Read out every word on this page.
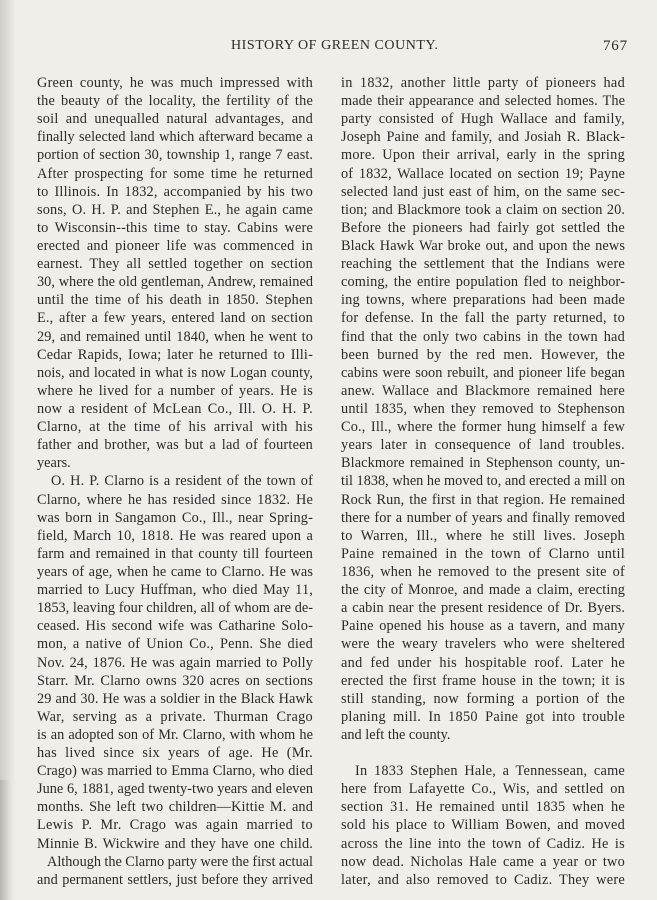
HISTORY OF GREEN COUNTY.	767
Green county, he was much impressed with
the beauty of the locality, the fertility of the
soil and unequalled natural advantages, and
finally selected land which afterward became a
portion of section 30, township 1, range 7 east.
After prospecting for some time he returned
to Illinois. In 1832, accompanied by his two
sons, O. H. P. and Stephen E., he again came
to Wisconsin--this time to stay. Cabins were
erected and pioneer life was commenced in
earnest. They all settled together on section
30, where the old gentleman, Andrew, remained
until the time of his death in 1850. Stephen
E., after a few years, entered land on section
29, and remained until 1840, when he went to
Cedar Rapids, Iowa; later he returned to Illi-
nois, and located in what is now Logan county,
where he lived for a number of years. He is
now a resident of McLean Co., Ill. O. H. P.
Clarno, at the time of his arrival with his
father and brother, was but a lad of fourteen
years.
O. H. P. Clarno is a resident of the town of
Clarno, where he has resided since 1832. He
was born in Sangamon Co., Ill., near Spring-
field, March 10, 1818. He was reared upon a
farm and remained in that county till fourteen
years of age, when he came to Clarno. He was
married to Lucy Huffman, who died May 11,
1853, leaving four children, all of whom are de-
ceased. His second wife was Catharine Solo-
mon, a native of Union Co., Penn. She died
Nov. 24, 1876. He was again married to Polly
Starr. Mr. Clarno owns 320 acres on sections
29 and 30. He was a soldier in the Black Hawk
War, serving as a private. Thurman Crago
is an adopted son of Mr. Clarno, with whom he
has lived since six years of age. He (Mr.
Crago) was married to Emma Clarno, who died
June 6, 1881, aged twenty-two years and eleven
months. She left two children—Kittie M. and
Lewis P. Mr. Crago was again married to
Minnie B. Wickwire and they have one child.
Although the Clarno party were the first actual
and permanent settlers, just before they arrived
in 1832, another little party of pioneers had
made their appearance and selected homes. The
party consisted of Hugh Wallace and family,
Joseph Paine and family, and Josiah R. Black-
more. Upon their arrival, early in the spring
of 1832, Wallace located on section 19; Payne
selected land just east of him, on the same sec-
tion; and Blackmore took a claim on section 20.
Before the pioneers had fairly got settled the
Black Hawk War broke out, and upon the news
reaching the settlement that the Indians were
coming, the entire population fled to neighbor-
ing towns, where preparations had been made
for defense. In the fall the party returned, to
find that the only two cabins in the town had
been burned by the red men. However, the
cabins were soon rebuilt, and pioneer life began
anew. Wallace and Blackmore remained here
until 1835, when they removed to Stephenson
Co., Ill., where the former hung himself a few
years later in consequence of land troubles.
Blackmore remained in Stephenson county, un-
til 1838, when he moved to, and erected a mill on
Rock Run, the first in that region. He remained
there for a number of years and finally removed
to Warren, Ill., where he still lives. Joseph
Paine remained in the town of Clarno until
1836, when he removed to the present site of
the city of Monroe, and made a claim, erecting
a cabin near the present residence of Dr. Byers.
Paine opened his house as a tavern, and many
were the weary travelers who were sheltered
and fed under his hospitable roof. Later he
erected the first frame house in the town; it is
still standing, now forming a portion of the
planing mill. In 1850 Paine got into trouble
and left the county.
In 1833 Stephen Hale, a Tennessean, came
here from Lafayette Co., Wis, and settled on
section 31. He remained until 1835 when he
sold his place to William Bowen, and moved
across the line into the town of Cadiz. He is
now dead. Nicholas Hale came a year or two
later, and also removed to Cadiz. They were
